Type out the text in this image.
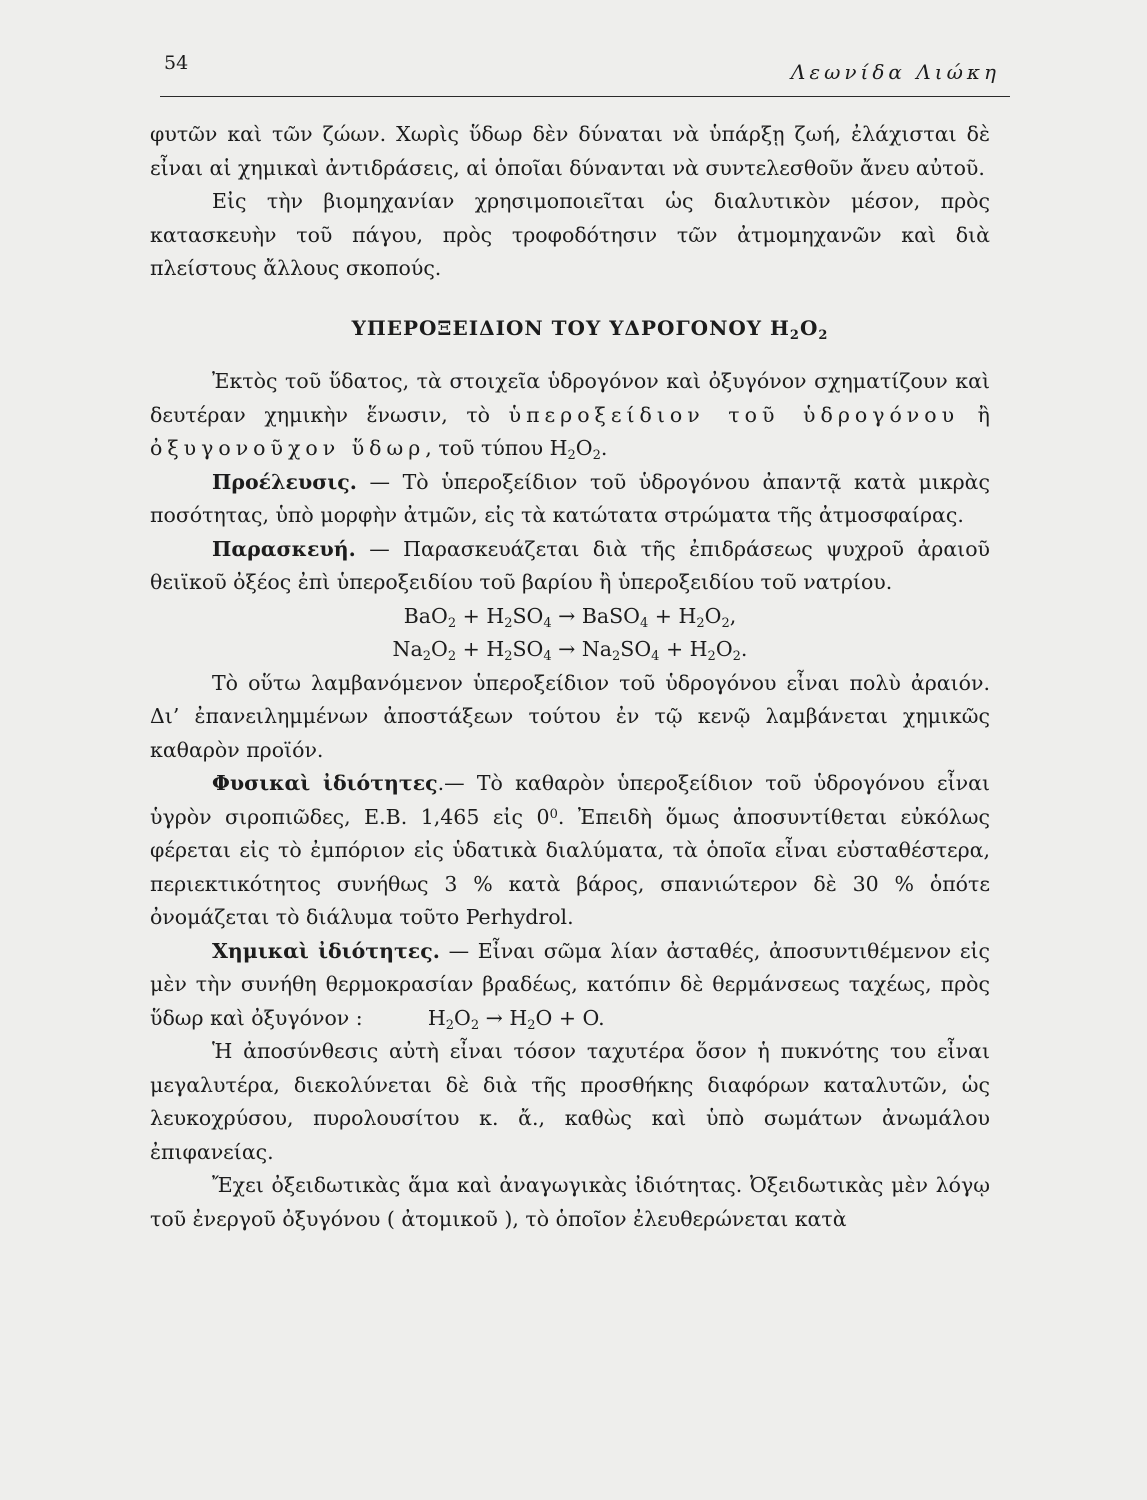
54	Λεωνίδα Λιώκη

φυτῶν καὶ τῶν ζώων. Χωρὶς ὕδωρ δὲν δύναται νὰ ὑπάρξῃ ζωή, ἐλάχισται δὲ εἶναι αἱ χημικαὶ ἀντιδράσεις, αἱ ὁποῖαι δύνανται νὰ συντελεσθοῦν ἄνευ αὐτοῦ.

Εἰς τὴν βιομηχανίαν χρησιμοποιεῖται ὡς διαλυτικὸν μέσον, πρὸς κατασκευὴν τοῦ πάγου, πρὸς τροφοδότησιν τῶν ἀτμομηχανῶν καὶ διὰ πλείστους ἄλλους σκοπούς.

ΥΠΕΡΟΞΕΙΔΙΟΝ ΤΟΥ ΥΔΡΟΓΟΝΟΥ $H_2O_2$

Ἐκτὸς τοῦ ὕδατος, τὰ στοιχεῖα ὑδρογόνον καὶ ὀξυγόνον σχηματίζουν καὶ δευτέραν χημικὴν ἕνωσιν, τὸ ὑπεροξείδιον τοῦ ὑδρογόνου ἢ ὀξυγονοῦχον ὕδωρ, τοῦ τύπου $H_2O_2$.

Προέλευσις. — Τὸ ὑπεροξείδιον τοῦ ὑδρογόνου ἀπαντᾷ κατὰ μικρὰς ποσότητας, ὑπὸ μορφὴν ἀτμῶν, εἰς τὰ κατώτατα στρώματα τῆς ἀτμοσφαίρας.

Παρασκευή. — Παρασκευάζεται διὰ τῆς ἐπιδράσεως ψυχροῦ ἀραιοῦ θειϊκοῦ ὀξέος ἐπὶ ὑπεροξειδίου τοῦ βαρίου ἢ ὑπεροξειδίου τοῦ νατρίου.

$BaO_2 + H_2SO_4$ → BaSO$_4$ + $H_2O_2$,

$Na_2O_2 + H_2SO_4 \to Na_2SO_4 + H_2O_2$.

Τὸ οὕτω λαμβανόμενον ὑπεροξείδιον τοῦ ὑδρογόνου εἶναι πολὺ ἀραιόν. Δι’ ἐπανειλημμένων ἀποστάξεων τούτου ἐν τῷ κενῷ λαμβάνεται χημικῶς καθαρὸν προϊόν.

Φυσικαὶ ἰδιότητες.— Τὸ καθαρὸν ὑπεροξείδιον τοῦ ὑδρογόνου εἶναι ὑγρὸν σιροπιῶδες, Ε.Β. 1,465 εἰς $0^0$. Ἐπειδὴ ὅμως ἀποσυντίθεται εὐκόλως φέρεται εἰς τὸ ἐμπόριον εἰς ὑδατικὰ διαλύματα, τὰ ὁποῖα εἶναι εὐσταθέστερα, περιεκτικότητος συνήθως 3 % κατὰ βάρος, σπανιώτερον δὲ 30 % ὁπότε ὀνομάζεται τὸ διάλυμα τοῦτο Perhydrol.

Χημικαὶ ἰδιότητες. — Εἶναι σῶμα λίαν ἀσταθές, ἀποσυντιθέμενον εἰς μὲν τὴν συνήθη θερμοκρασίαν βραδέως, κατόπιν δὲ θερμάνσεως ταχέως, πρὸς ὕδωρ καὶ ὀξυγόνον :	$H_2O_2 \to H_2O + O$.

Ἡ ἀποσύνθεσις αὐτὴ εἶναι τόσον ταχυτέρα ὅσον ἡ πυκνότης του εἶναι μεγαλυτέρα, διεκολύνεται δὲ διὰ τῆς προσθήκης διαφόρων καταλυτῶν, ὡς λευκοχρύσου, πυρολουσίτου κ. ἄ., καθὼς καὶ ὑπὸ σωμάτων ἀνωμάλου ἐπιφανείας.

Ἔχει ὀξειδωτικὰς ἅμα καὶ ἀναγωγικὰς ἰδιότητας. Ὀξειδωτικὰς μὲν λόγῳ τοῦ ἐνεργοῦ ὀξυγόνου ( ἀτομικοῦ ), τὸ ὁποῖον ἐλευθερώνεται κατὰ
